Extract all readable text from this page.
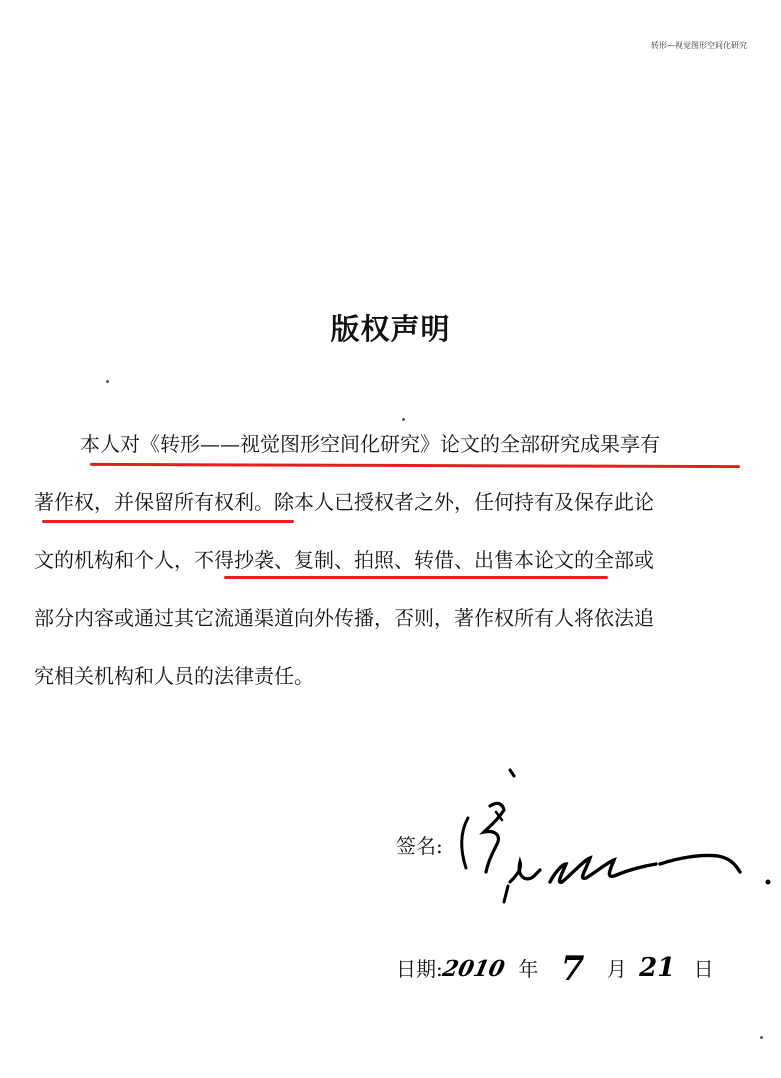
转形—视觉图形空间化研究
版权声明
本人对《转形——视觉图形空间化研究》论文的全部研究成果享有
著作权，并保留所有权利。除本人已授权者之外，任何持有及保存此论
文的机构和个人，不得抄袭、复制、拍照、转借、出售本论文的全部或
部分内容或通过其它流通渠道向外传播，否则，著作权所有人将依法追
究相关机构和人员的法律责任。
签名:
日期:2010 年 7 月 21 日
